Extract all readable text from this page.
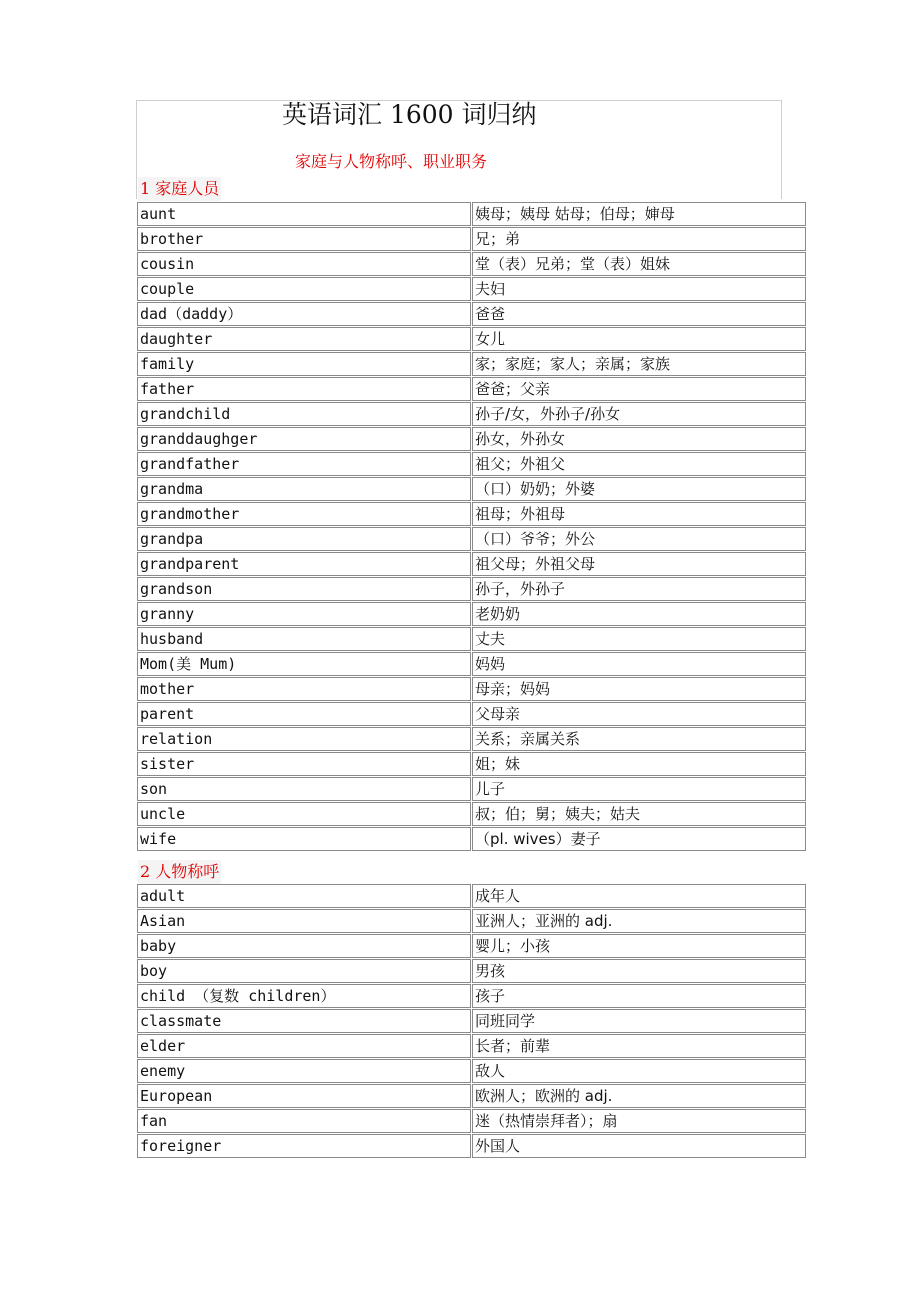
英语词汇 1600 词归纳
家庭与人物称呼、职业职务
1 家庭人员
aunt	姨母；姨母 姑母；伯母；婶母
brother	兄；弟
cousin	堂（表）兄弟；堂（表）姐妹
couple	夫妇
dad（daddy）	爸爸
daughter	女儿
family	家；家庭；家人；亲属；家族
father	爸爸；父亲
grandchild	孙子/女，外孙子/孙女
granddaughger	孙女，外孙女
grandfather	祖父；外祖父
grandma	（口）奶奶；外婆
grandmother	祖母；外祖母
grandpa	（口）爷爷；外公
grandparent	祖父母；外祖父母
grandson	孙子，外孙子
granny	老奶奶
husband	丈夫
Mom(美 Mum)	妈妈
mother	母亲；妈妈
parent	父母亲
relation	关系；亲属关系
sister	姐；妹
son	儿子
uncle	叔；伯；舅；姨夫；姑夫
wife	（pl. wives）妻子
2 人物称呼
adult	成年人
Asian	亚洲人；亚洲的 adj.
baby	婴儿；小孩
boy	男孩
child （复数 children）	孩子
classmate	同班同学
elder	长者；前辈
enemy	敌人
European	欧洲人；欧洲的 adj.
fan	迷（热情崇拜者）；扇
foreigner	外国人
